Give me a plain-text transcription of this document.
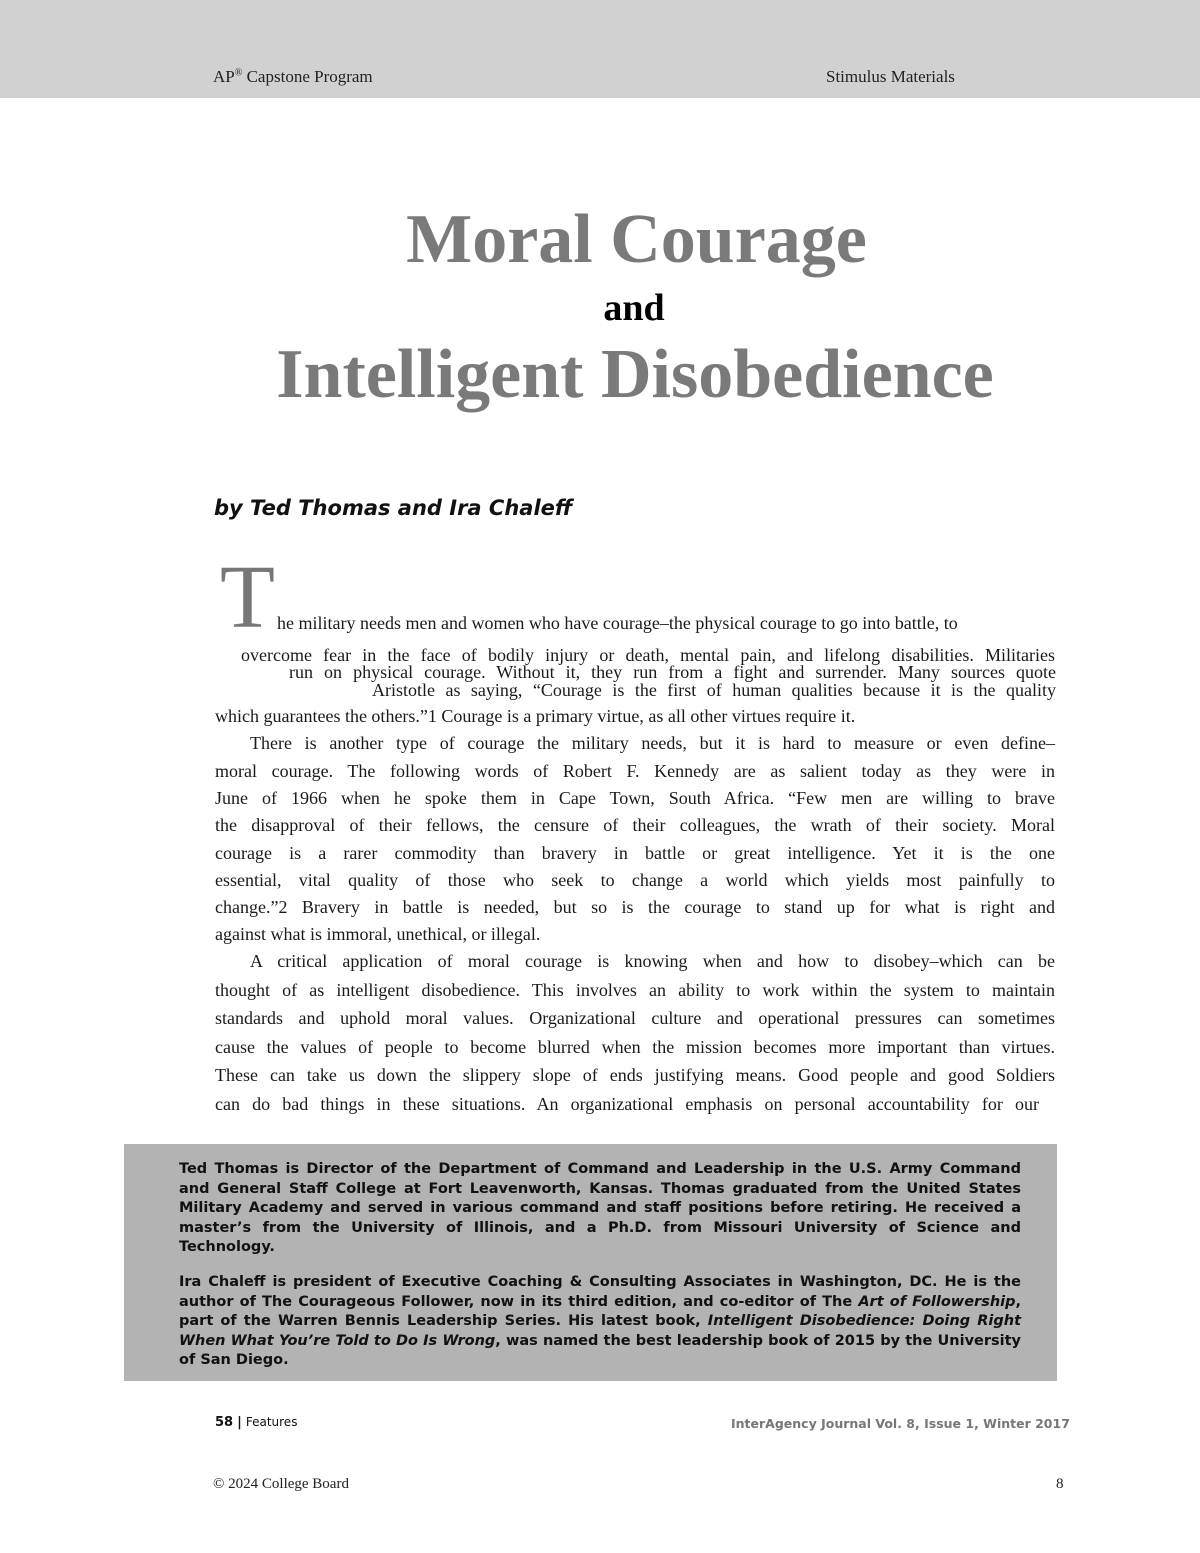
AP® Capstone Program	Stimulus Materials
Moral Courage
and
Intelligent Disobedience
by Ted Thomas and Ira Chaleff
T he military needs men and women who have courage–the physical courage to go into battle, to
overcome fear in the face of bodily injury or death, mental pain, and lifelong disabilities. Militaries
run on physical courage. Without it, they run from a fight and surrender. Many sources quote
Aristotle as saying, “Courage is the first of human qualities because it is the quality
which guarantees the others.”1 Courage is a primary virtue, as all other virtues require it.
There is another type of courage the military needs, but it is hard to measure or even define–
moral courage. The following words of Robert F. Kennedy are as salient today as they were in
June of 1966 when he spoke them in Cape Town, South Africa. “Few men are willing to brave
the disapproval of their fellows, the censure of their colleagues, the wrath of their society. Moral
courage is a rarer commodity than bravery in battle or great intelligence. Yet it is the one
essential, vital quality of those who seek to change a world which yields most painfully to
change.”2 Bravery in battle is needed, but so is the courage to stand up for what is right and
against what is immoral, unethical, or illegal.
A critical application of moral courage is knowing when and how to disobey–which can be
thought of as intelligent disobedience. This involves an ability to work within the system to maintain
standards and uphold moral values. Organizational culture and operational pressures can sometimes
cause the values of people to become blurred when the mission becomes more important than virtues.
These can take us down the slippery slope of ends justifying means. Good people and good Soldiers
can do bad things in these situations. An organizational emphasis on personal accountability for our
Ted Thomas is Director of the Department of Command and Leadership in the U.S. Army Command and General Staff College at Fort Leavenworth, Kansas. Thomas graduated from the United States Military Academy and served in various command and staff positions before retiring. He received a master’s from the University of Illinois, and a Ph.D. from Missouri University of Science and Technology.
Ira Chaleff is president of Executive Coaching & Consulting Associates in Washington, DC. He is the author of The Courageous Follower, now in its third edition, and co-editor of The Art of Followership, part of the Warren Bennis Leadership Series. His latest book, Intelligent Disobedience: Doing Right When What You’re Told to Do Is Wrong, was named the best leadership book of 2015 by the University of San Diego.
58 | Features	InterAgency Journal Vol. 8, Issue 1, Winter 2017
© 2024 College Board	8
